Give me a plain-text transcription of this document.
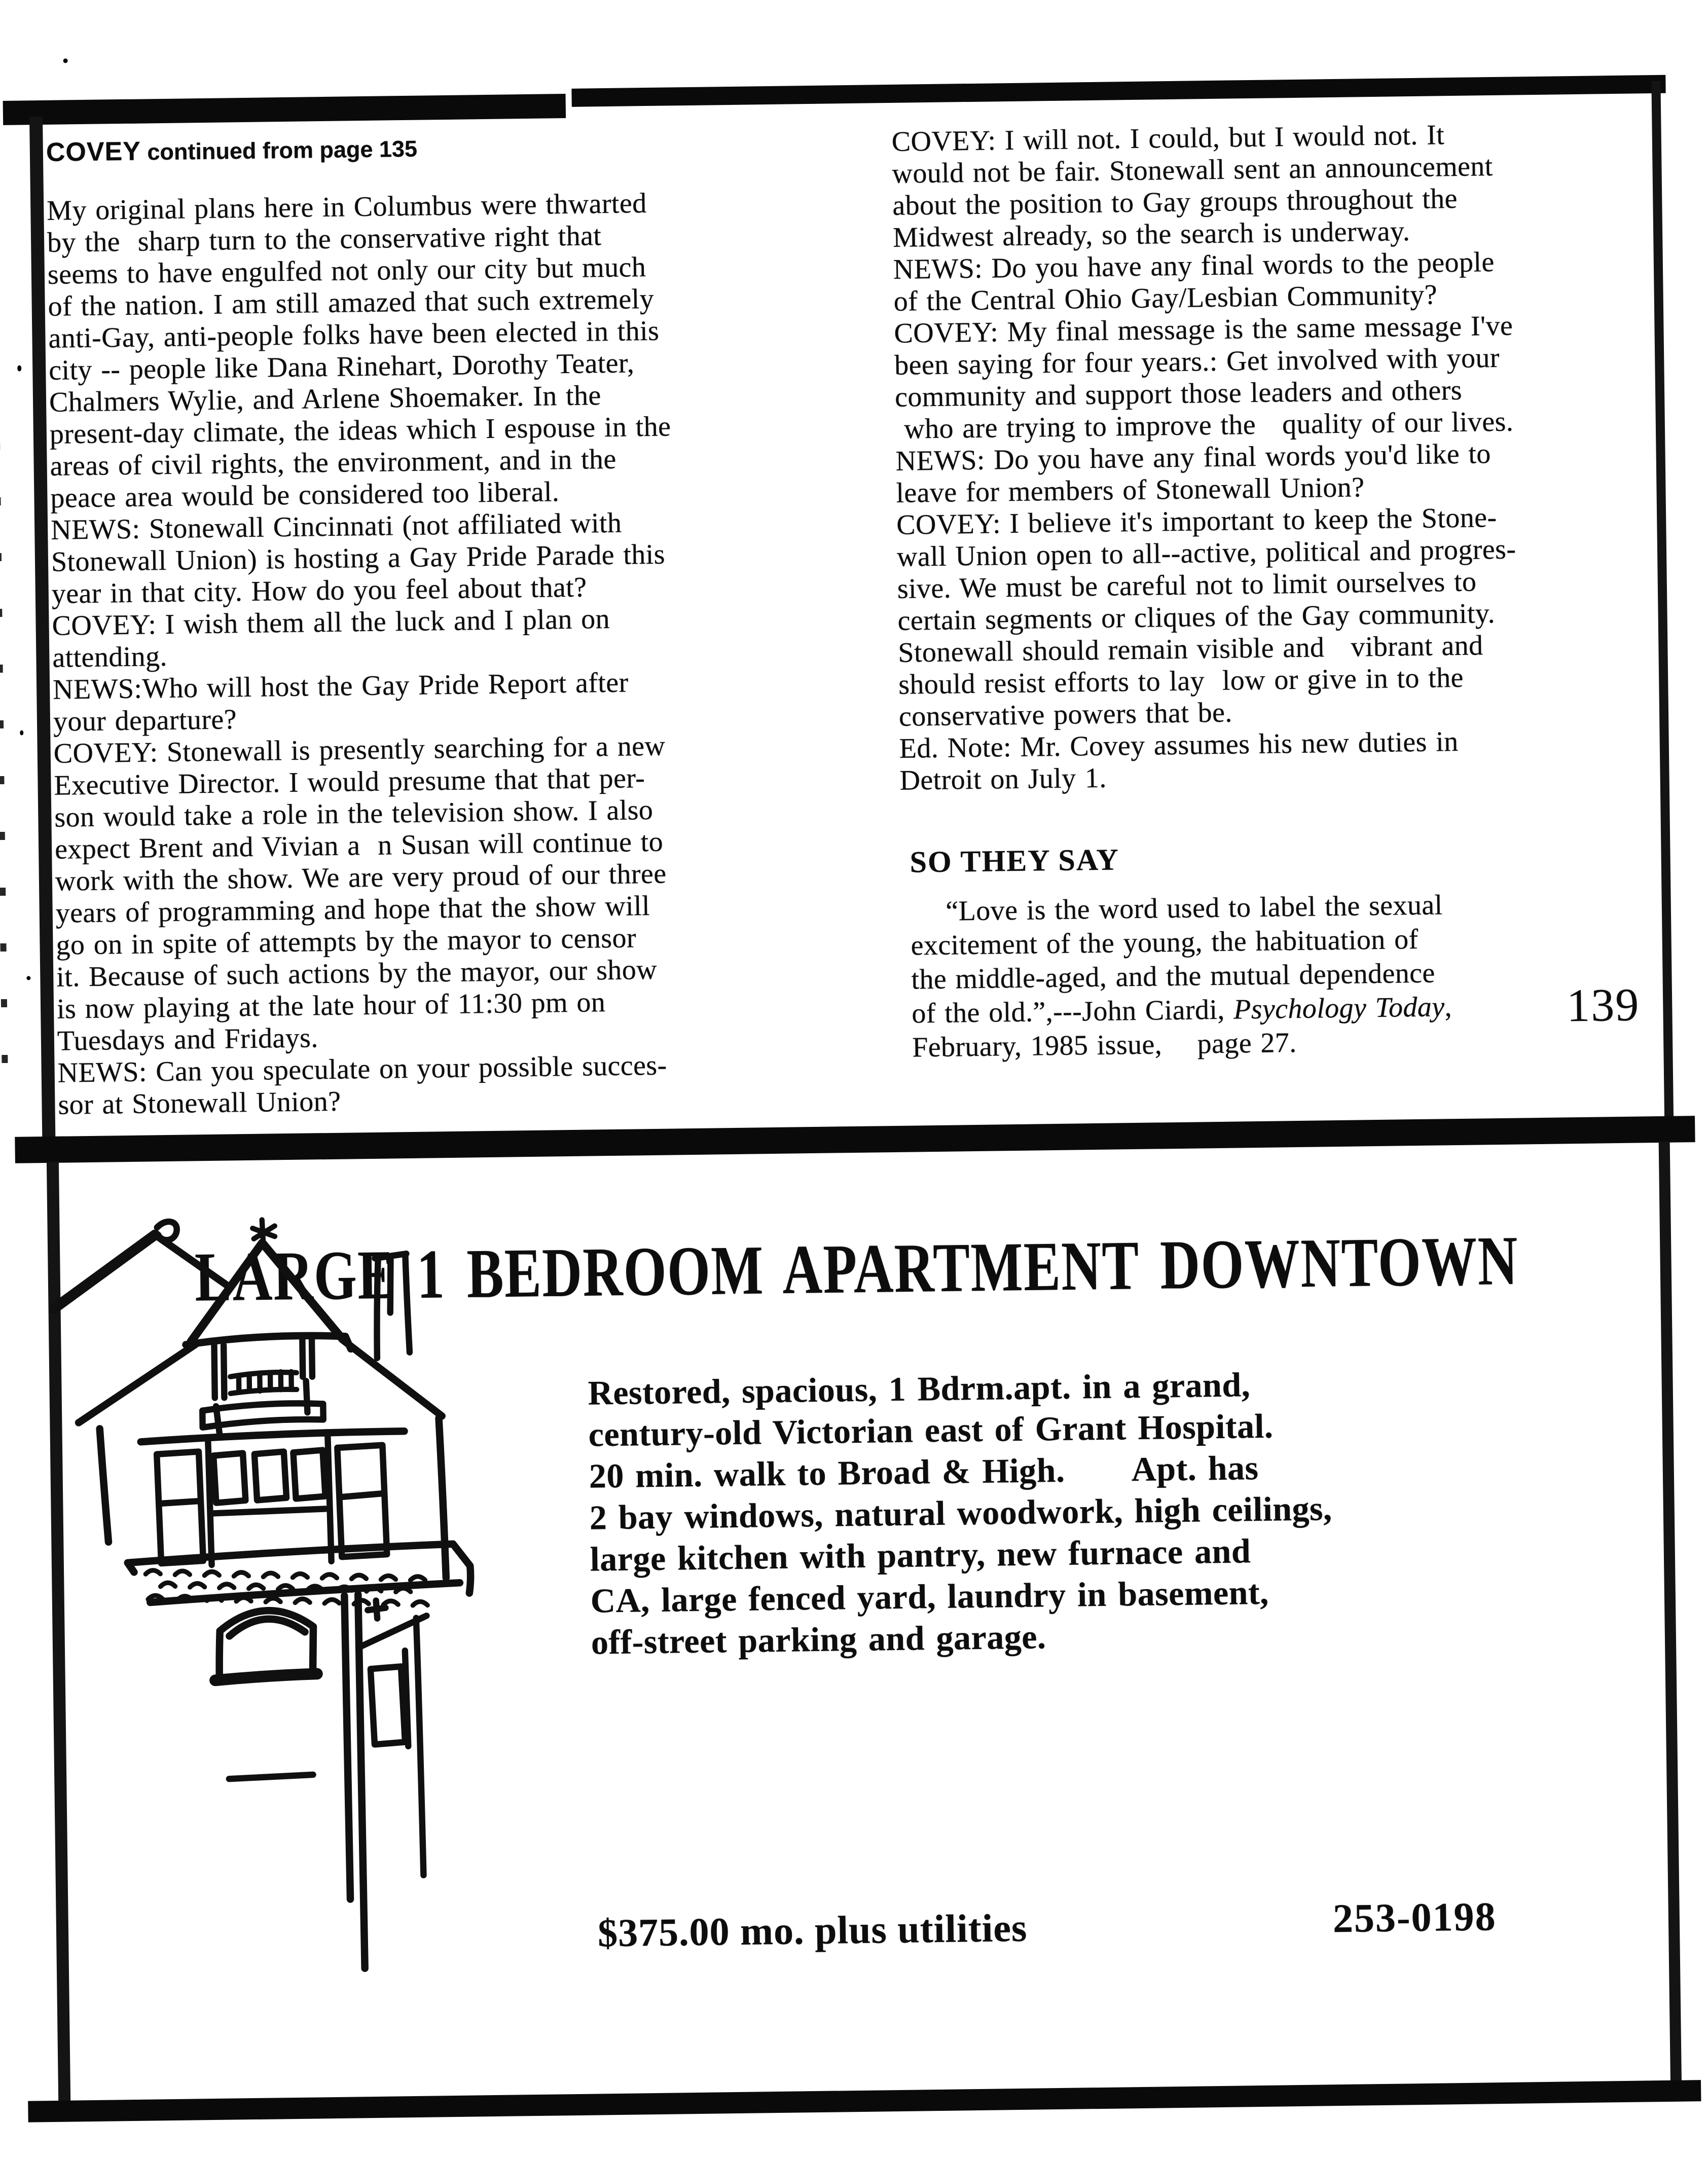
COVEY continued from page 135

My original plans here in Columbus were thwarted
by the  sharp turn to the conservative right that
seems to have engulfed not only our city but much
of the nation. I am still amazed that such extremely
anti-Gay, anti-people folks have been elected in this
city -- people like Dana Rinehart, Dorothy Teater,
Chalmers Wylie, and Arlene Shoemaker. In the
present-day climate, the ideas which I espouse in the
areas of civil rights, the environment, and in the
peace area would be considered too liberal.
NEWS: Stonewall Cincinnati (not affiliated with
Stonewall Union) is hosting a Gay Pride Parade this
year in that city. How do you feel about that?
COVEY: I wish them all the luck and I plan on
attending.
NEWS:Who will host the Gay Pride Report after
your departure?
COVEY: Stonewall is presently searching for a new
Executive Director. I would presume that that per-
son would take a role in the television show. I also
expect Brent and Vivian a  n Susan will continue to
work with the show. We are very proud of our three
years of programming and hope that the show will
go on in spite of attempts by the mayor to censor
it. Because of such actions by the mayor, our show
is now playing at the late hour of 11:30 pm on
Tuesdays and Fridays.
NEWS: Can you speculate on your possible succes-
sor at Stonewall Union?

COVEY: I will not. I could, but I would not. It
would not be fair. Stonewall sent an announcement
about the position to Gay groups throughout the
Midwest already, so the search is underway.
NEWS: Do you have any final words to the people
of the Central Ohio Gay/Lesbian Community?
COVEY: My final message is the same message I've
been saying for four years.: Get involved with your
community and support those leaders and others
who are trying to improve the   quality of our lives.
NEWS: Do you have any final words you'd like to
leave for members of Stonewall Union?
COVEY: I believe it's important to keep the Stone-
wall Union open to all--active, political and progres-
sive. We must be careful not to limit ourselves to
certain segments or cliques of the Gay community.
Stonewall should remain visible and   vibrant and
should resist efforts to lay  low or give in to the
conservative powers that be.
Ed. Note: Mr. Covey assumes his new duties in
Detroit on July 1.

SO THEY SAY
“Love is the word used to label the sexual
excitement of the young, the habituation of
the middle-aged, and the mutual dependence
of the old.”,---John Ciardi, Psychology Today,
February, 1985 issue,    page 27.
139
LARGE 1 BEDROOM APARTMENT DOWNTOWN
Restored, spacious, 1 Bdrm.apt. in a grand,
century-old Victorian east of Grant Hospital.
20 min. walk to Broad & High.      Apt. has
2 bay windows, natural woodwork, high ceilings,
large kitchen with pantry, new furnace and
CA, large fenced yard, laundry in basement,
off-street parking and garage.
$375.00 mo. plus utilities	253-0198
